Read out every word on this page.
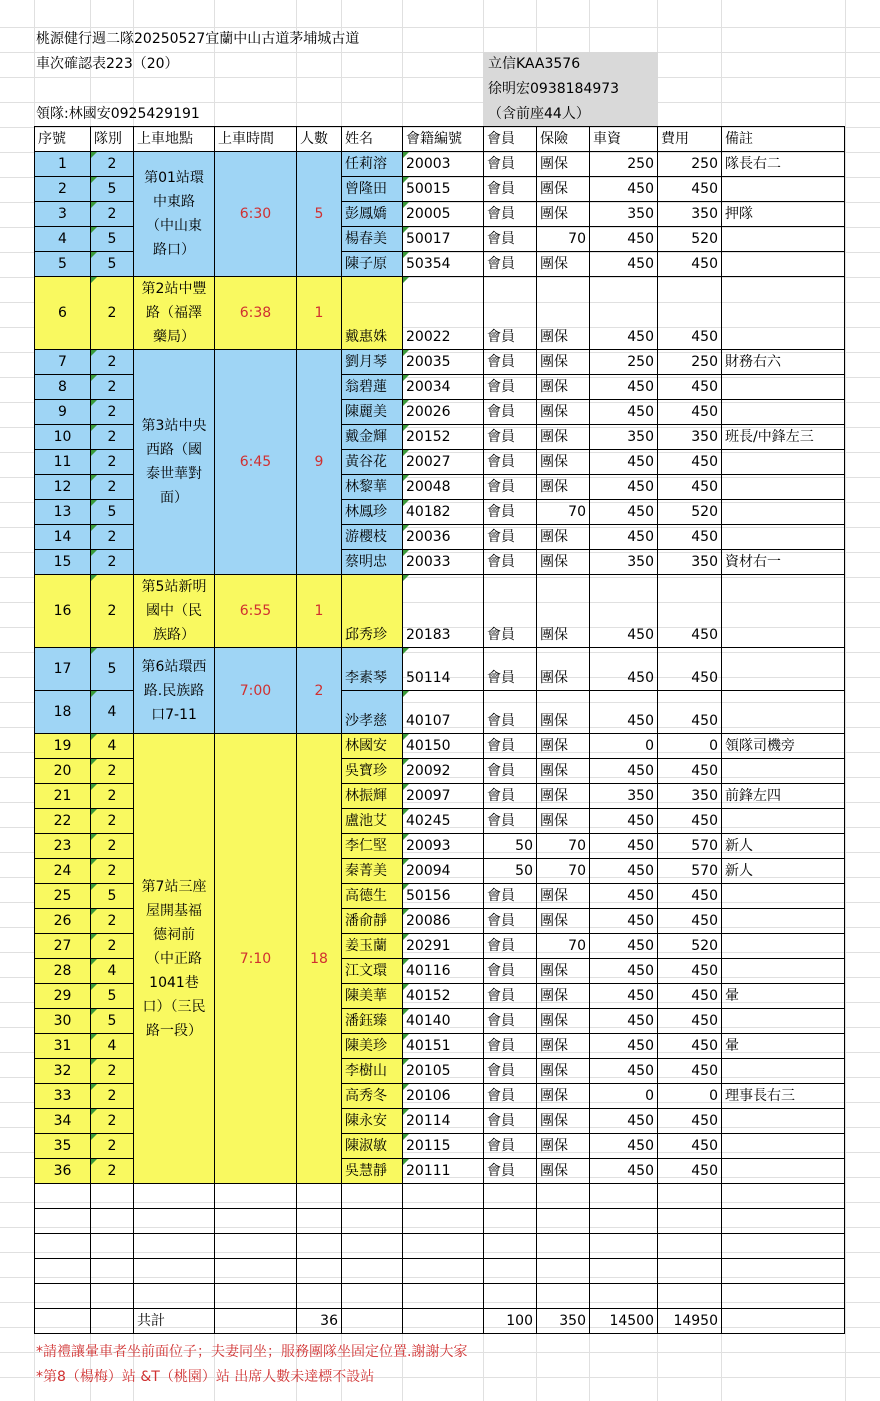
桃源健行週二隊20250527宜蘭中山古道茅埔城古道
車次確認表223（20）
領隊:林國安0925429191
立信KAA3576
徐明宏0938184973
（含前座44人）
序號	隊別	上車地點	上車時間	人數	姓名	會籍編號	會員	保險	車資	費用	備註
1	2	第01站環中東路（中山東路口）	6:30	5	任莉溶	20003	會員	團保	250	250	隊長右二
2	5				曾隆田	50015	會員	團保	450	450	
3	2				彭鳳嬌	20005	會員	團保	350	350	押隊
4	5				楊春美	50017	會員	70	450	520	
5	5				陳子原	50354	會員	團保	450	450	
6	2	第2站中豐路（福澤藥局）	6:38	1	戴惠姝	20022	會員	團保	450	450	
7	2	第3站中央西路（國泰世華對面）	6:45	9	劉月琴	20035	會員	團保	250	250	財務右六
8	2				翁碧蓮	20034	會員	團保	450	450	
9	2				陳麗美	20026	會員	團保	450	450	
10	2				戴金輝	20152	會員	團保	350	350	班長/中鋒左三
11	2				黃谷花	20027	會員	團保	450	450	
12	2				林黎華	20048	會員	團保	450	450	
13	5				林鳳珍	40182	會員	70	450	520	
14	2				游櫻枝	20036	會員	團保	450	450	
15	2				蔡明忠	20033	會員	團保	350	350	資材右一
16	2	第5站新明國中（民族路）	6:55	1	邱秀珍	20183	會員	團保	450	450	
17	5	第6站環西路.民族路口7-11	7:00	2	李素琴	50114	會員	團保	450	450	
18	4				沙孝慈	40107	會員	團保	450	450	
19	4	第7站三座屋開基福德祠前（中正路1041巷口）（三民路一段）	7:10	18	林國安	40150	會員	團保	0	0	領隊司機旁
20	2				吳寶珍	20092	會員	團保	450	450	
21	2				林振輝	20097	會員	團保	350	350	前鋒左四
22	2				盧池艾	40245	會員	團保	450	450	
23	2				李仁堅	20093	50	70	450	570	新人
24	2				秦菁美	20094	50	70	450	570	新人
25	5				高德生	50156	會員	團保	450	450	
26	2				潘俞靜	20086	會員	團保	450	450	
27	2				姜玉蘭	20291	會員	70	450	520	
28	4				江文環	40116	會員	團保	450	450	
29	5				陳美華	40152	會員	團保	450	450	暈
30	5				潘鈺臻	40140	會員	團保	450	450	
31	4				陳美珍	40151	會員	團保	450	450	暈
32	2				李樹山	20105	會員	團保	450	450	
33	2				高秀冬	20106	會員	團保	0	0	理事長右三
34	2				陳永安	20114	會員	團保	450	450	
35	2				陳淑敏	20115	會員	團保	450	450	
36	2				吳慧靜	20111	會員	團保	450	450	

		共計		36			100	350	14500	14950	
*請禮讓暈車者坐前面位子；夫妻同坐；服務團隊坐固定位置.謝謝大家
*第8（楊梅）站 &T（桃園）站 出席人數未達標不設站
